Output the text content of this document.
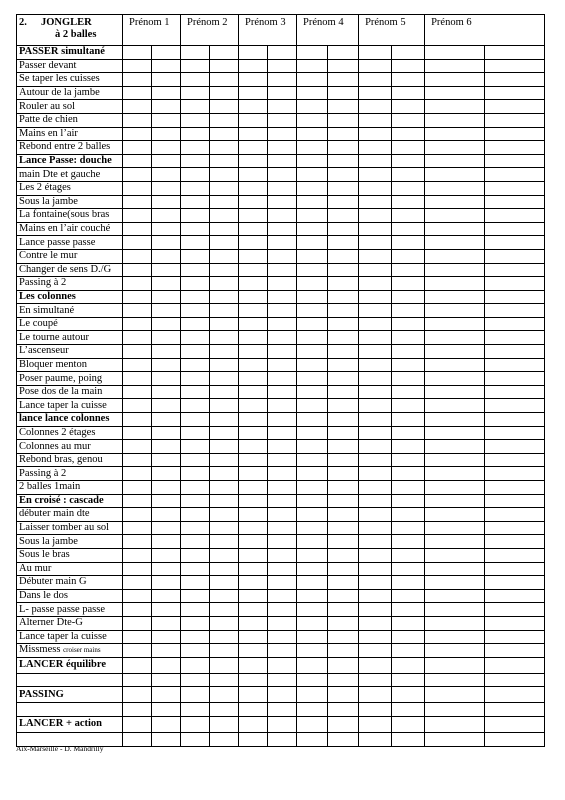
2. JONGLER
à 2 balles	Prénom 1		Prénom 2		Prénom 3		Prénom 4		Prénom 5		Prénom 6	
PASSER simultané												
Passer devant												
Se taper les cuisses												
Autour de la jambe												
Rouler au sol												
Patte de chien												
Mains en l’air												
Rebond entre 2 balles												
Lance Passe: douche												
main Dte et gauche												
Les 2 étages												
Sous la jambe												
La fontaine(sous bras												
Mains en l’air couché												
Lance passe passe												
Contre le mur												
Changer de sens D./G												
Passing à 2												
Les colonnes												
En simultané												
Le coupé												
Le tourne autour												
L’ascenseur												
Bloquer menton												
Poser paume, poing												
Pose dos de la main												
Lance taper la cuisse												
lance lance colonnes												
Colonnes 2 étages												
Colonnes au mur												
Rebond bras, genou												
Passing à 2												
2 balles 1main												
En croisé : cascade												
débuter main dte												
Laisser tomber au sol												
Sous la jambe												
Sous le bras												
Au mur												
Débuter main G												
Dans le dos												
L- passe passe passe												
Alterner Dte-G												
Lance taper la cuisse												
Missmess croiser mains												
LANCER équilibre												

PASSING												

LANCER + action												

Aix-Marseille - D. Mandrilly
